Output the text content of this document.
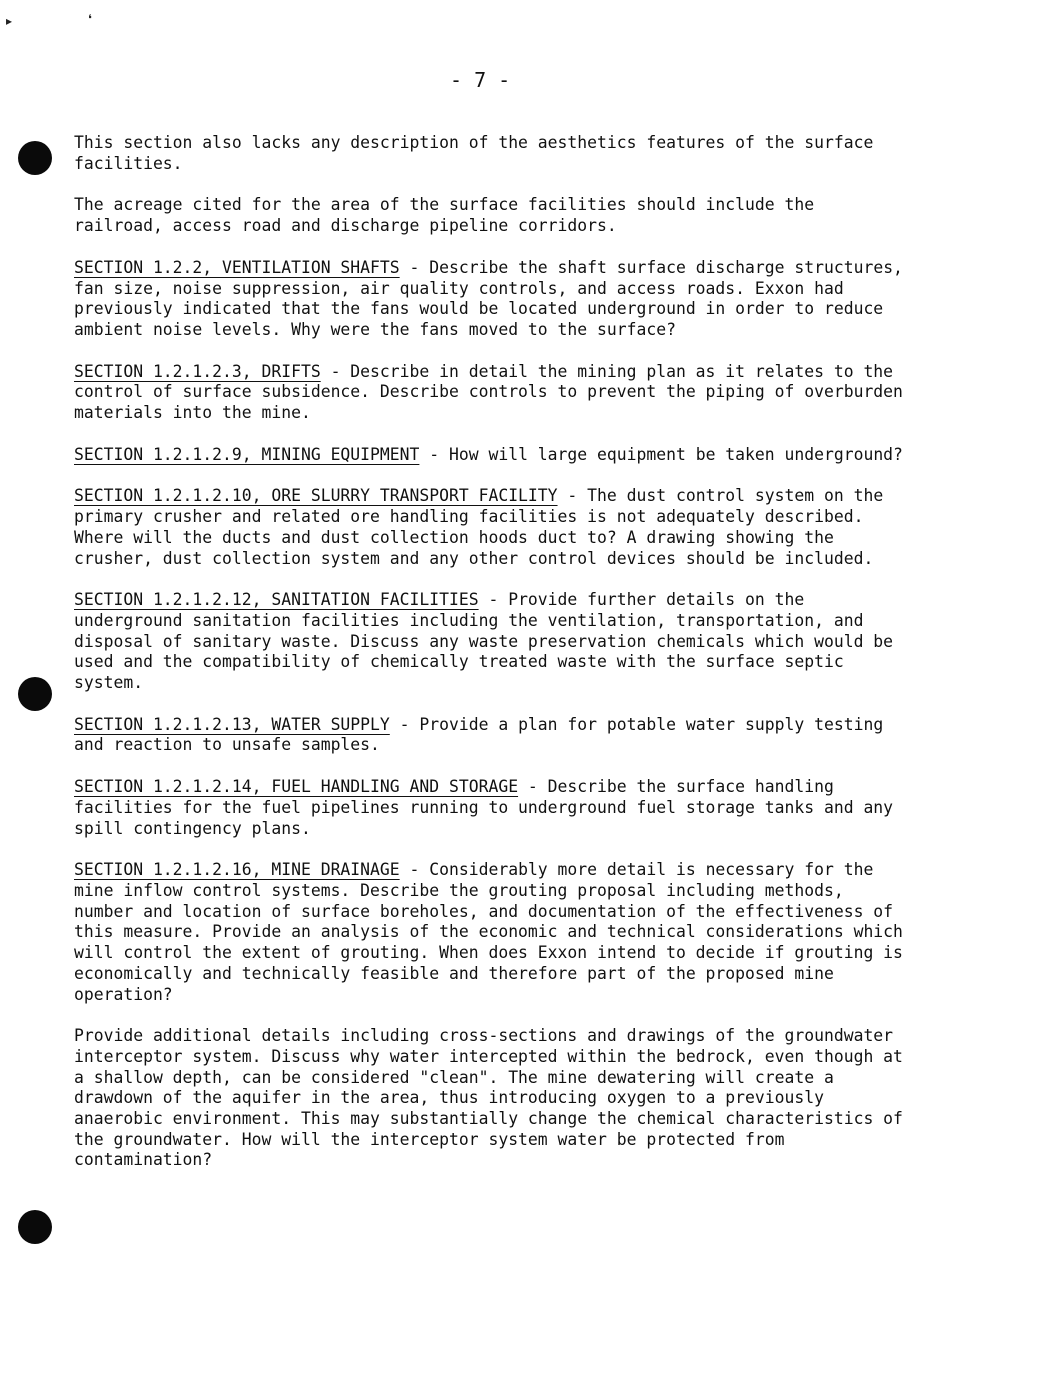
▸	❛
- 7 -

This section also lacks any description of the aesthetics features of the surface facilities.

The acreage cited for the area of the surface facilities should include the railroad, access road and discharge pipeline corridors.

SECTION 1.2.2, VENTILATION SHAFTS - Describe the shaft surface discharge structures, fan size, noise suppression, air quality controls, and access roads. Exxon had previously indicated that the fans would be located underground in order to reduce ambient noise levels. Why were the fans moved to the surface?

SECTION 1.2.1.2.3, DRIFTS - Describe in detail the mining plan as it relates to the control of surface subsidence. Describe controls to prevent the piping of overburden materials into the mine.

SECTION 1.2.1.2.9, MINING EQUIPMENT - How will large equipment be taken underground?

SECTION 1.2.1.2.10, ORE SLURRY TRANSPORT FACILITY - The dust control system on the primary crusher and related ore handling facilities is not adequately described. Where will the ducts and dust collection hoods duct to? A drawing showing the crusher, dust collection system and any other control devices should be included.

SECTION 1.2.1.2.12, SANITATION FACILITIES - Provide further details on the underground sanitation facilities including the ventilation, transportation, and disposal of sanitary waste. Discuss any waste preservation chemicals which would be used and the compatibility of chemically treated waste with the surface septic system.

SECTION 1.2.1.2.13, WATER SUPPLY - Provide a plan for potable water supply testing and reaction to unsafe samples.

SECTION 1.2.1.2.14, FUEL HANDLING AND STORAGE - Describe the surface handling facilities for the fuel pipelines running to underground fuel storage tanks and any spill contingency plans.

SECTION 1.2.1.2.16, MINE DRAINAGE - Considerably more detail is necessary for the mine inflow control systems. Describe the grouting proposal including methods, number and location of surface boreholes, and documentation of the effectiveness of this measure. Provide an analysis of the economic and technical considerations which will control the extent of grouting. When does Exxon intend to decide if grouting is economically and technically feasible and therefore part of the proposed mine operation?

Provide additional details including cross-sections and drawings of the groundwater interceptor system. Discuss why water intercepted within the bedrock, even though at a shallow depth, can be considered "clean". The mine dewatering will create a drawdown of the aquifer in the area, thus introducing oxygen to a previously anaerobic environment. This may substantially change the chemical characteristics of the groundwater. How will the interceptor system water be protected from contamination?
